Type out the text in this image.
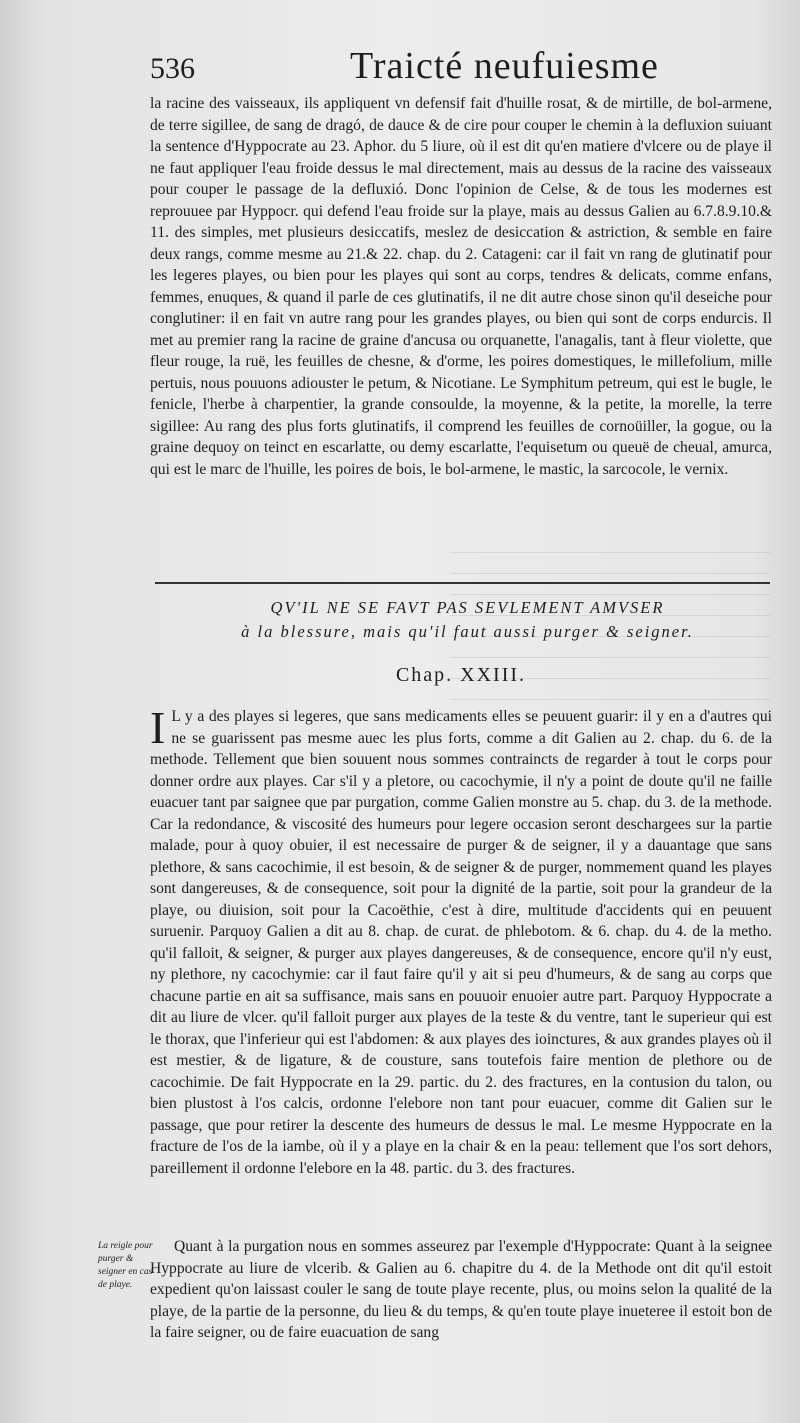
536	Traicté neufuiesme
la racine des vaisseaux, ils appliquent vn defensif fait d'huille rosat, & de mirtille, de bol-armene, de terre sigillee, de sang de dragó, de dauce & de cire pour couper le chemin à la defluxion suiuant la sentence d'Hyppocrate au 23. Aphor. du 5 liure, où il est dit qu'en matiere d'vlcere ou de playe il ne faut appliquer l'eau froide dessus le mal directement, mais au dessus de la racine des vaisseaux pour couper le passage de la defluxió. Donc l'opinion de Celse, & de tous les modernes est reprouuee par Hyppocr. qui defend l'eau froide sur la playe, mais au dessus Galien au 6.7.8.9.10.& 11. des simples, met plusieurs desiccatifs, meslez de desiccation & astriction, & semble en faire deux rangs, comme mesme au 21.& 22. chap. du 2. Catageni: car il fait vn rang de glutinatif pour les legeres playes, ou bien pour les playes qui sont au corps, tendres & delicats, comme enfans, femmes, enuques, & quand il parle de ces glutinatifs, il ne dit autre chose sinon qu'il deseiche pour conglutiner: il en fait vn autre rang pour les grandes playes, ou bien qui sont de corps endurcis. Il met au premier rang la racine de graine d'ancusa ou orquanette, l'anagalis, tant à fleur violette, que fleur rouge, la ruë, les feuilles de chesne, & d'orme, les poires domestiques, le millefolium, mille pertuis, nous pouuons adiouster le petum, & Nicotiane. Le Symphitum petreum, qui est le bugle, le fenicle, l'herbe à charpentier, la grande consoulde, la moyenne, & la petite, la morelle, la terre sigillee: Au rang des plus forts glutinatifs, il comprend les feuilles de cornoüiller, la gogue, ou la graine dequoy on teinct en escarlatte, ou demy escarlatte, l'equisetum ou queuë de cheual, amurca, qui est le marc de l'huille, les poires de bois, le bol-armene, le mastic, la sarcocole, le vernix.
QV'IL NE SE FAVT PAS SEVLEMENT AMVSER
à la blessure, mais qu'il faut aussi purger & seigner.
Chap. XXIII.
I L y a des playes si legeres, que sans medicaments elles se peuuent guarir: il y en a d'autres qui ne se guarissent pas mesme auec les plus forts, comme a dit Galien au 2. chap. du 6. de la methode. Tellement que bien souuent nous sommes contraincts de regarder à tout le corps pour donner ordre aux playes. Car s'il y a pletore, ou cacochymie, il n'y a point de doute qu'il ne faille euacuer tant par saignee que par purgation, comme Galien monstre au 5. chap. du 3. de la methode. Car la redondance, & viscosité des humeurs pour legere occasion seront deschargees sur la partie malade, pour à quoy obuier, il est necessaire de purger & de seigner, il y a dauantage que sans plethore, & sans cacochimie, il est besoin, & de seigner & de purger, nommement quand les playes sont dangereuses, & de consequence, soit pour la dignité de la partie, soit pour la grandeur de la playe, ou diuision, soit pour la Cacoëthie, c'est à dire, multitude d'accidents qui en peuuent suruenir. Parquoy Galien a dit au 8. chap. de curat. de phlebotom. & 6. chap. du 4. de la metho. qu'il falloit, & seigner, & purger aux playes dangereuses, & de consequence, encore qu'il n'y eust, ny plethore, ny cacochymie: car il faut faire qu'il y ait si peu d'humeurs, & de sang au corps que chacune partie en ait sa suffisance, mais sans en pouuoir enuoier autre part. Parquoy Hyppocrate a dit au liure de vlcer. qu'il falloit purger aux playes de la teste & du ventre, tant le superieur qui est le thorax, que l'inferieur qui est l'abdomen: & aux playes des ioinctures, & aux grandes playes où il est mestier, & de ligature, & de cousture, sans toutefois faire mention de plethore ou de cacochimie. De fait Hyppocrate en la 29. partic. du 2. des fractures, en la contusion du talon, ou bien plustost à l'os calcis, ordonne l'elebore non tant pour euacuer, comme dit Galien sur le passage, que pour retirer la descente des humeurs de dessus le mal. Le mesme Hyppocrate en la fracture de l'os de la iambe, où il y a playe en la chair & en la peau: tellement que l'os sort dehors, pareillement il ordonne l'elebore en la 48. partic. du 3. des fractures.
Quant à la purgation nous en sommes asseurez par l'exemple d'Hyppocrate: Quant à la seignee Hyppocrate au liure de vlcerib. & Galien au 6. chapitre du 4. de la Methode ont dit qu'il estoit expedient qu'on laissast couler le sang de toute playe recente, plus, ou moins selon la qualité de la playe, de la partie de la personne, du lieu & du temps, & qu'en toute playe inueteree il estoit bon de la faire seigner, ou de faire euacuation de sang
La reigle pour purger & seigner en cas de playe.
